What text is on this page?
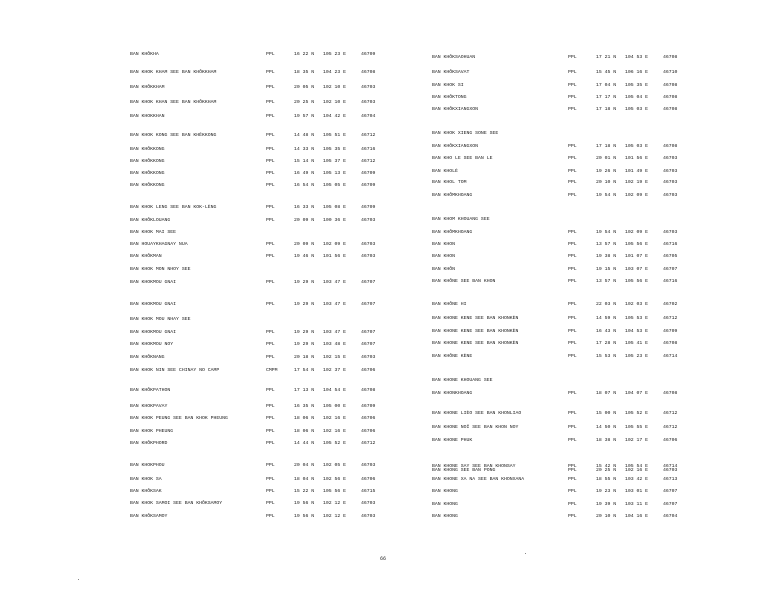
BAN KHÔKHA	PPL	16 22 N 105 23 E	46709
BAN KHOK KHAM SEE BAN KHÔKKHAM	PPL	18 35 N 104 23 E	46708
BAN KHÔKKHAM	PPL	20 05 N 102 10 E	46703
BAN KHOK KHAN SEE BAN KHÔKKHAM	PPL	20 25 N 102 10 E	46703
BAN KHOKKHAN	PPL	19 57 N 104 42 E	46704
BAN KHOK KONG SEE BAN KHÊKKONG	PPL	14 48 N 105 51 E	46712
BAN KHÔKKONG	PPL	14 33 N 105 35 E	46716
BAN KHÔKKONG	PPL	15 14 N 105 37 E	46712
BAN KHÔKKONG	PPL	16 49 N 105 13 E	46709
BAN KHÔKKONG	PPL	16 54 N 105 05 E	46709
BAN KHOK LENG SEE BAN KOK-LÈNG	PPL	16 33 N 105 08 E	46709
BAN KHÔKLOUANG	PPL	20 09 N 100 36 E	46703
BAN KHOK MAI SEE
BAN HOUAYKHAGNAY NUA	PPL	20 09 N 102 09 E	46703
BAN KHÔKMAN	PPL	19 46 N 101 56 E	46703
BAN KHOK MON NHOY SEE
BAN KHOKMOU GNAI	PPL	19 29 N 103 47 E	46707
BAN KHOKMOU GNAI	PPL	19 29 N 103 47 E	46707
BAN KHOK MOU NHAY SEE
BAN KHOKMOU GNAI	PPL	19 29 N 103 47 E	46707
BAN KHOKMOU NOY	PPL	19 29 N 103 48 E	46707
BAN KHÔKNANG	PPL	20 18 N 102 15 E	46703
BAN KHOK NIN SEE CHINAY NO CAMP	CMPM	17 54 N 102 37 E	46706
BAN KHÔKPATHON	PPL	17 13 N 104 54 E	46708
BAN KHOKPAVAY	PPL	16 35 N 105 00 E	46709
BAN KHOK PEUNG SEE BAN KHOK PHEUNG	PPL	18 06 N 102 16 E	46706
BAN KHOK PHEUNG	PPL	18 06 N 102 16 E	46706
BAN KHÔKPHORD	PPL	14 44 N 105 52 E	46712
BAN KHOKPHOU	PPL	20 04 N 102 05 E	46703
BAN KHOK SA	PPL	18 04 N 102 56 E	46706
BAN KHÔKSAK	PPL	15 22 N 105 56 E	46715
BAN KHOK SAMOI SEE BAN KHÔKSAMOY	PPL	19 56 N 102 12 E	46703
BAN KHÔKSAMOY	PPL	19 56 N 102 12 E	46703
BAN KHÔKSAOHUAN	PPL	17 21 N 104 53 E	46708
BAN KHÔKSAVAT	PPL	15 45 N 106 16 E	46710
BAN KHOK SI	PPL	17 04 N 105 35 E	46708
BAN KHÔKTONG	PPL	17 17 N 105 04 E	46708
BAN KHÔKXIANGXON	PPL	17 18 N 105 03 E	46708
BAN KHOK XIENG SONE SEE
BAN KHÔKXIANGXON	PPL	17 18 N 105 03 E	46708
BAN KHO LE SEE BAN LE	PPL	20 01 N 101 56 E	46703
BAN KHOLÉ	PPL	19 26 N 101 49 E	46703
BAN KHOL TOM	PPL	20 10 N 102 19 E	46703
BAN KHÔMKHOANG	PPL	19 54 N 102 09 E	46703
BAN KHOM KHOUANG SEE
BAN KHÔMKHOANG	PPL	19 54 N 102 09 E	46703
BAN KHON	PPL	13 57 N 105 56 E	46716
BAN KHON	PPL	19 38 N 101 07 E	46705
BAN KHÔN	PPL	19 15 N 103 07 E	46707
BAN KHÔNE SEE BAN KHON	PPL	13 57 N 105 56 E	46716
BAN KHÔNE HI	PPL	22 03 N 102 03 E	46702
BAN KHONE KENE SEE BAN KHONKÈN	PPL	14 59 N 105 53 E	46712
BAN KHONE KENE SEE BAN KHONKÈN	PPL	16 43 N 104 53 E	46709
BAN KHONE KENE SEE BAN KHONKÈN	PPL	17 28 N 105 41 E	46708
BAN KHÔNE KÈNE	PPL	15 53 N 105 23 E	46714
BAN KHONE KHOUANG SEE
BAN KHONKHOANG	PPL	18 07 N 104 07 E	46708
BAN KHONE LIÈO SEE BAN KHONLIAO	PPL	15 00 N 105 52 E	46712
BAN KHONE NOÏ SEE BAN KHON NOY	PPL	14 50 N 105 55 E	46712
BAN KHONE PHUK	PPL	18 38 N 102 17 E	46706
BAN KHONE SAY SEE BAN KHONSAY	PPL	15 42 N 105 54 E	46714
BAN KHONE XA NA SEE BAN KHONXANA	PPL	18 55 N 103 42 E	46713
BAN KHONG	PPL	19 23 N 103 01 E	46707
BAN KHONG	PPL	19 39 N 103 11 E	46707
BAN KHONG	PPL	20 10 N 104 16 E	46704
BAN KHONG SEE BAN PONG	PPL	20 25 N 102 16 E	46703
66
